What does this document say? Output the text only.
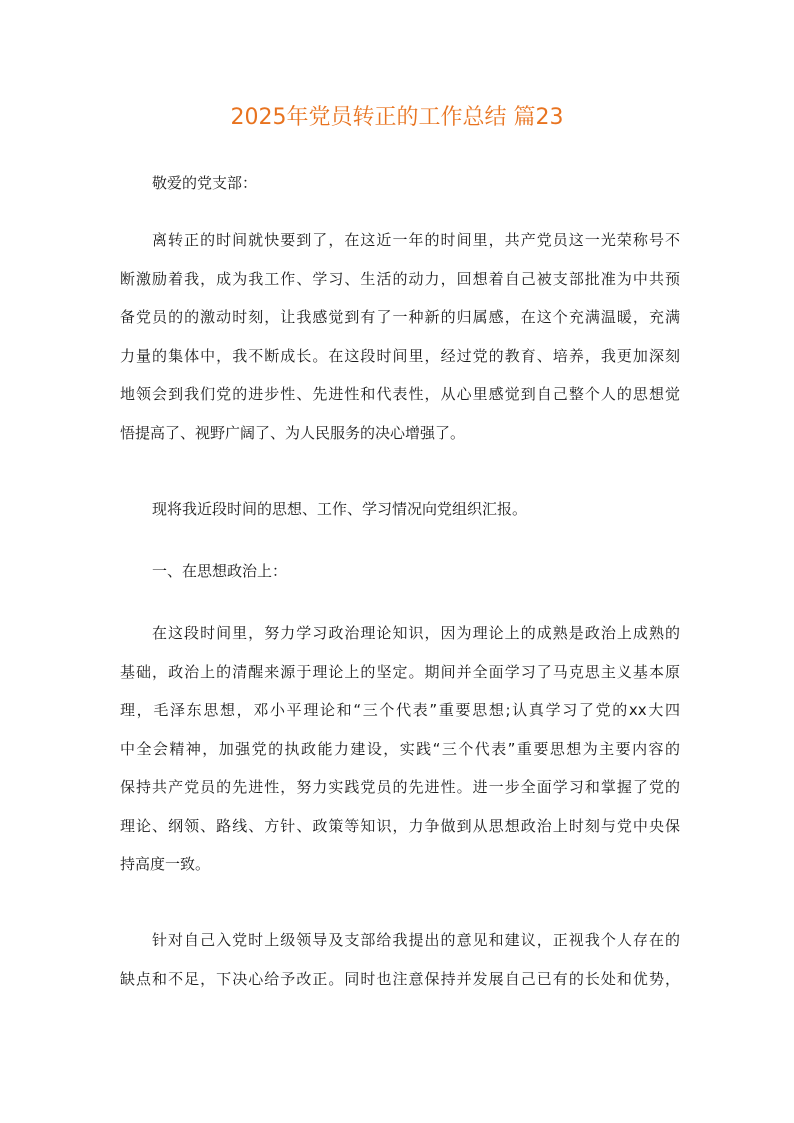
2025年党员转正的工作总结 篇23

敬爱的党支部：

离转正的时间就快要到了，在这近一年的时间里，共产党员这一光荣称号不
断激励着我，成为我工作、学习、生活的动力，回想着自己被支部批准为中共预
备党员的的激动时刻，让我感觉到有了一种新的归属感，在这个充满温暖，充满
力量的集体中，我不断成长。在这段时间里，经过党的教育、培养，我更加深刻
地领会到我们党的进步性、先进性和代表性，从心里感觉到自己整个人的思想觉
悟提高了、视野广阔了、为人民服务的决心增强了。

现将我近段时间的思想、工作、学习情况向党组织汇报。

一、在思想政治上：

在这段时间里，努力学习政治理论知识，因为理论上的成熟是政治上成熟的
基础，政治上的清醒来源于理论上的坚定。期间并全面学习了马克思主义基本原
理，毛泽东思想，邓小平理论和“三个代表”重要思想;认真学习了党的xx大四
中全会精神，加强党的执政能力建设，实践“三个代表”重要思想为主要内容的
保持共产党员的先进性，努力实践党员的先进性。进一步全面学习和掌握了党的
理论、纲领、路线、方针、政策等知识，力争做到从思想政治上时刻与党中央保
持高度一致。

针对自己入党时上级领导及支部给我提出的意见和建议，正视我个人存在的
缺点和不足，下决心给予改正。同时也注意保持并发展自己已有的长处和优势，
